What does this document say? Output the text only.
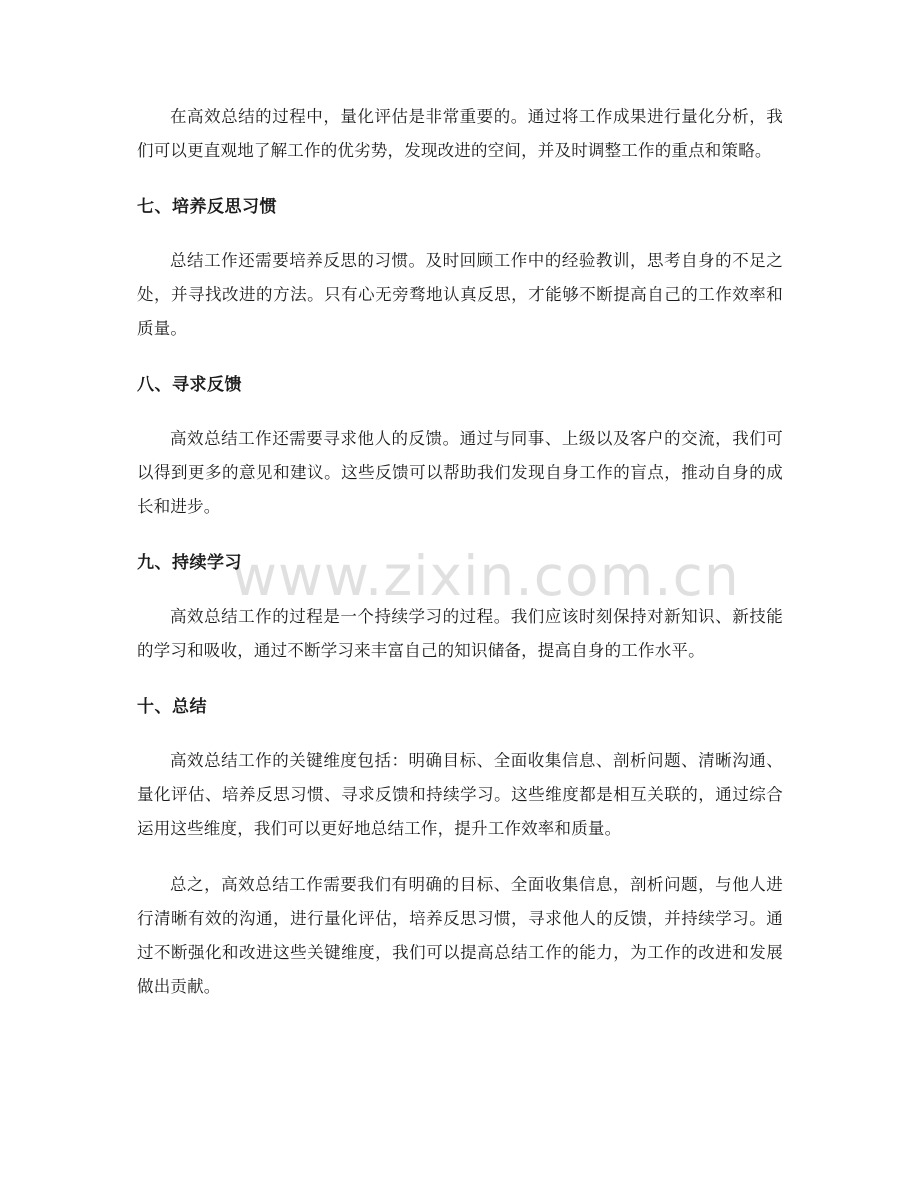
在高效总结的过程中，量化评估是非常重要的。通过将工作成果进行量化分析，我们可以更直观地了解工作的优劣势，发现改进的空间，并及时调整工作的重点和策略。

七、培养反思习惯

总结工作还需要培养反思的习惯。及时回顾工作中的经验教训，思考自身的不足之处，并寻找改进的方法。只有心无旁骛地认真反思，才能够不断提高自己的工作效率和质量。

八、寻求反馈

高效总结工作还需要寻求他人的反馈。通过与同事、上级以及客户的交流，我们可以得到更多的意见和建议。这些反馈可以帮助我们发现自身工作的盲点，推动自身的成长和进步。

九、持续学习

高效总结工作的过程是一个持续学习的过程。我们应该时刻保持对新知识、新技能的学习和吸收，通过不断学习来丰富自己的知识储备，提高自身的工作水平。

十、总结

高效总结工作的关键维度包括：明确目标、全面收集信息、剖析问题、清晰沟通、量化评估、培养反思习惯、寻求反馈和持续学习。这些维度都是相互关联的，通过综合运用这些维度，我们可以更好地总结工作，提升工作效率和质量。

总之，高效总结工作需要我们有明确的目标、全面收集信息，剖析问题，与他人进行清晰有效的沟通，进行量化评估，培养反思习惯，寻求他人的反馈，并持续学习。通过不断强化和改进这些关键维度，我们可以提高总结工作的能力，为工作的改进和发展做出贡献。

www.zixin.com.cn
